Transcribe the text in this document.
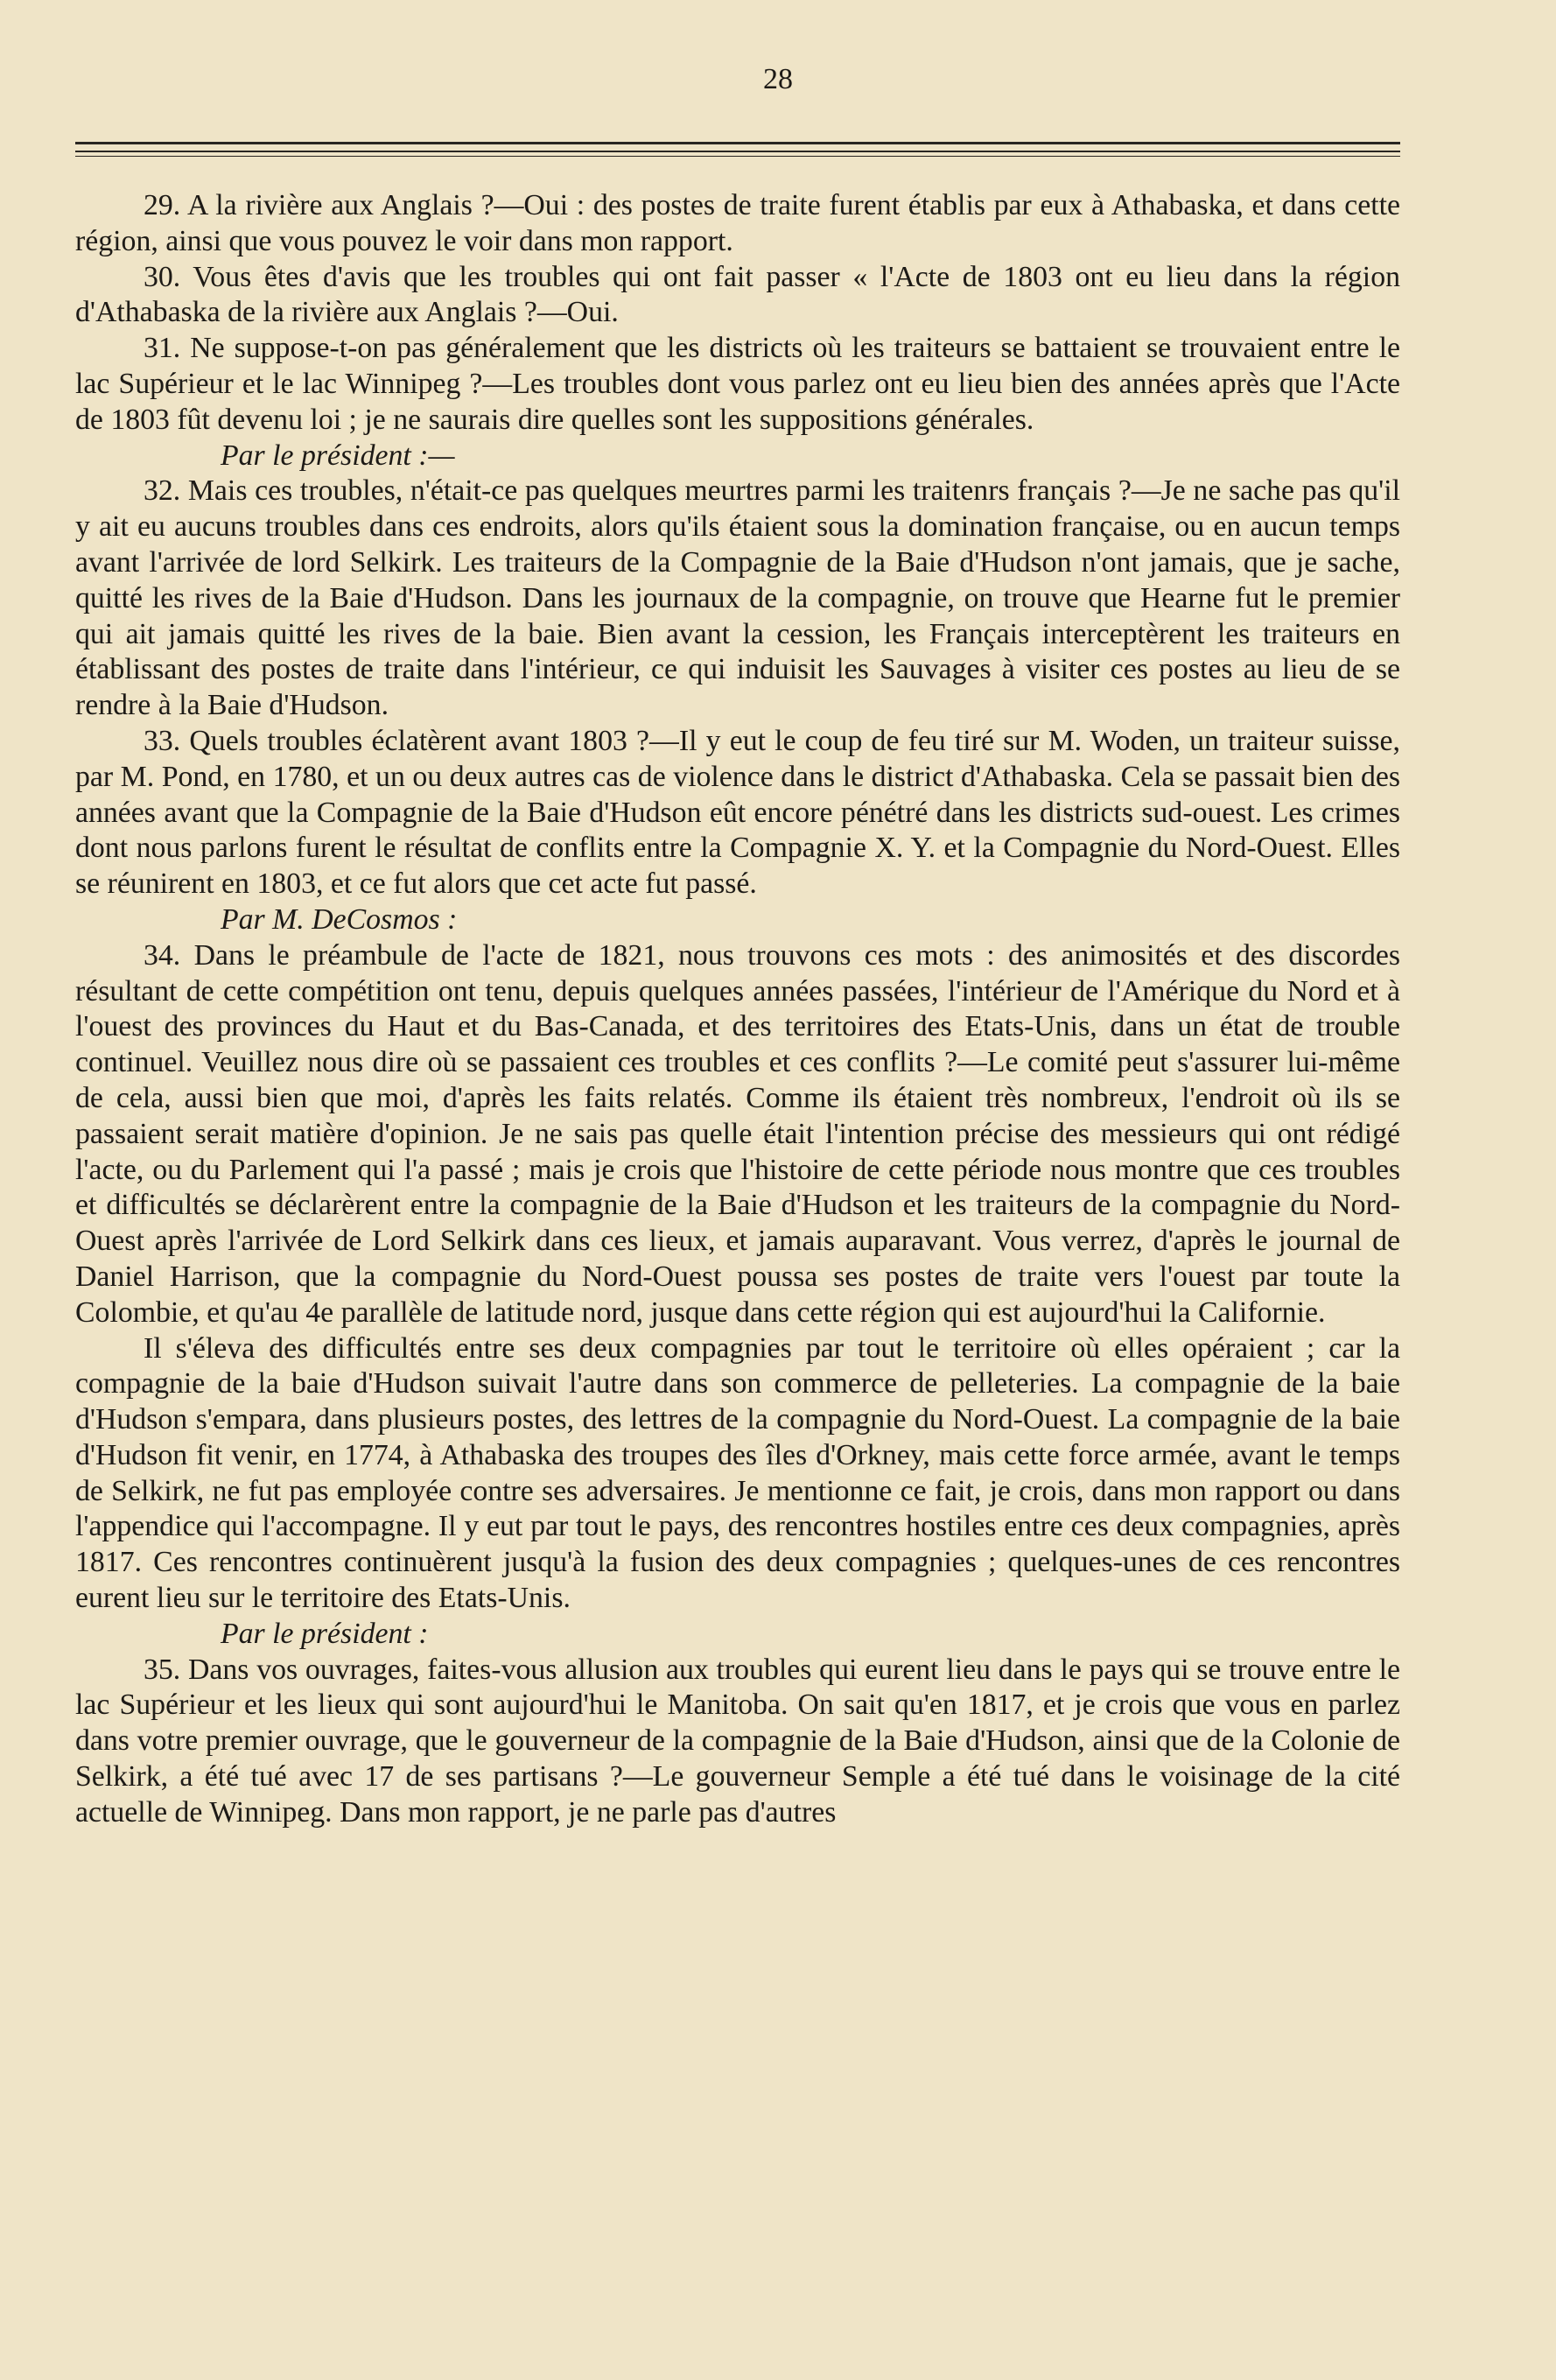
28

29. A la rivière aux Anglais ?—Oui : des postes de traite furent établis par eux à Athabaska, et dans cette région, ainsi que vous pouvez le voir dans mon rapport.

30. Vous êtes d'avis que les troubles qui ont fait passer « l'Acte de 1803 ont eu lieu dans la région d'Athabaska de la rivière aux Anglais ?—Oui.

31. Ne suppose-t-on pas généralement que les districts où les traiteurs se battaient se trouvaient entre le lac Supérieur et le lac Winnipeg ?—Les troubles dont vous parlez ont eu lieu bien des années après que l'Acte de 1803 fût devenu loi ; je ne saurais dire quelles sont les suppositions générales.

Par le président :—

32. Mais ces troubles, n'était-ce pas quelques meurtres parmi les traitenrs français ?—Je ne sache pas qu'il y ait eu aucuns troubles dans ces endroits, alors qu'ils étaient sous la domination française, ou en aucun temps avant l'arrivée de lord Selkirk. Les traiteurs de la Compagnie de la Baie d'Hudson n'ont jamais, que je sache, quitté les rives de la Baie d'Hudson. Dans les journaux de la compagnie, on trouve que Hearne fut le premier qui ait jamais quitté les rives de la baie. Bien avant la cession, les Français interceptèrent les traiteurs en établissant des postes de traite dans l'intérieur, ce qui induisit les Sauvages à visiter ces postes au lieu de se rendre à la Baie d'Hudson.

33. Quels troubles éclatèrent avant 1803 ?—Il y eut le coup de feu tiré sur M. Woden, un traiteur suisse, par M. Pond, en 1780, et un ou deux autres cas de violence dans le district d'Athabaska. Cela se passait bien des années avant que la Compagnie de la Baie d'Hudson eût encore pénétré dans les districts sud-ouest. Les crimes dont nous parlons furent le résultat de conflits entre la Compagnie X. Y. et la Compagnie du Nord-Ouest. Elles se réunirent en 1803, et ce fut alors que cet acte fut passé.

Par M. DeCosmos :

34. Dans le préambule de l'acte de 1821, nous trouvons ces mots : des animosités et des discordes résultant de cette compétition ont tenu, depuis quelques années passées, l'intérieur de l'Amérique du Nord et à l'ouest des provinces du Haut et du Bas-Canada, et des territoires des Etats-Unis, dans un état de trouble continuel. Veuillez nous dire où se passaient ces troubles et ces conflits ?—Le comité peut s'assurer lui-même de cela, aussi bien que moi, d'après les faits relatés. Comme ils étaient très nombreux, l'endroit où ils se passaient serait matière d'opinion. Je ne sais pas quelle était l'intention précise des messieurs qui ont rédigé l'acte, ou du Parlement qui l'a passé ; mais je crois que l'histoire de cette période nous montre que ces troubles et difficultés se déclarèrent entre la compagnie de la Baie d'Hudson et les traiteurs de la compagnie du Nord-Ouest après l'arrivée de Lord Selkirk dans ces lieux, et jamais auparavant. Vous verrez, d'après le journal de Daniel Harrison, que la compagnie du Nord-Ouest poussa ses postes de traite vers l'ouest par toute la Colombie, et qu'au 4e parallèle de latitude nord, jusque dans cette région qui est aujourd'hui la Californie.

Il s'éleva des difficultés entre ses deux compagnies par tout le territoire où elles opéraient ; car la compagnie de la baie d'Hudson suivait l'autre dans son commerce de pelleteries. La compagnie de la baie d'Hudson s'empara, dans plusieurs postes, des lettres de la compagnie du Nord-Ouest. La compagnie de la baie d'Hudson fit venir, en 1774, à Athabaska des troupes des îles d'Orkney, mais cette force armée, avant le temps de Selkirk, ne fut pas employée contre ses adversaires. Je mentionne ce fait, je crois, dans mon rapport ou dans l'appendice qui l'accompagne. Il y eut par tout le pays, des rencontres hostiles entre ces deux compagnies, après 1817. Ces rencontres continuèrent jusqu'à la fusion des deux compagnies ; quelques-unes de ces rencontres eurent lieu sur le territoire des Etats-Unis.

Par le président :

35. Dans vos ouvrages, faites-vous allusion aux troubles qui eurent lieu dans le pays qui se trouve entre le lac Supérieur et les lieux qui sont aujourd'hui le Manitoba. On sait qu'en 1817, et je crois que vous en parlez dans votre premier ouvrage, que le gouverneur de la compagnie de la Baie d'Hudson, ainsi que de la Colonie de Selkirk, a été tué avec 17 de ses partisans ?—Le gouverneur Semple a été tué dans le voisinage de la cité actuelle de Winnipeg. Dans mon rapport, je ne parle pas d'autres
